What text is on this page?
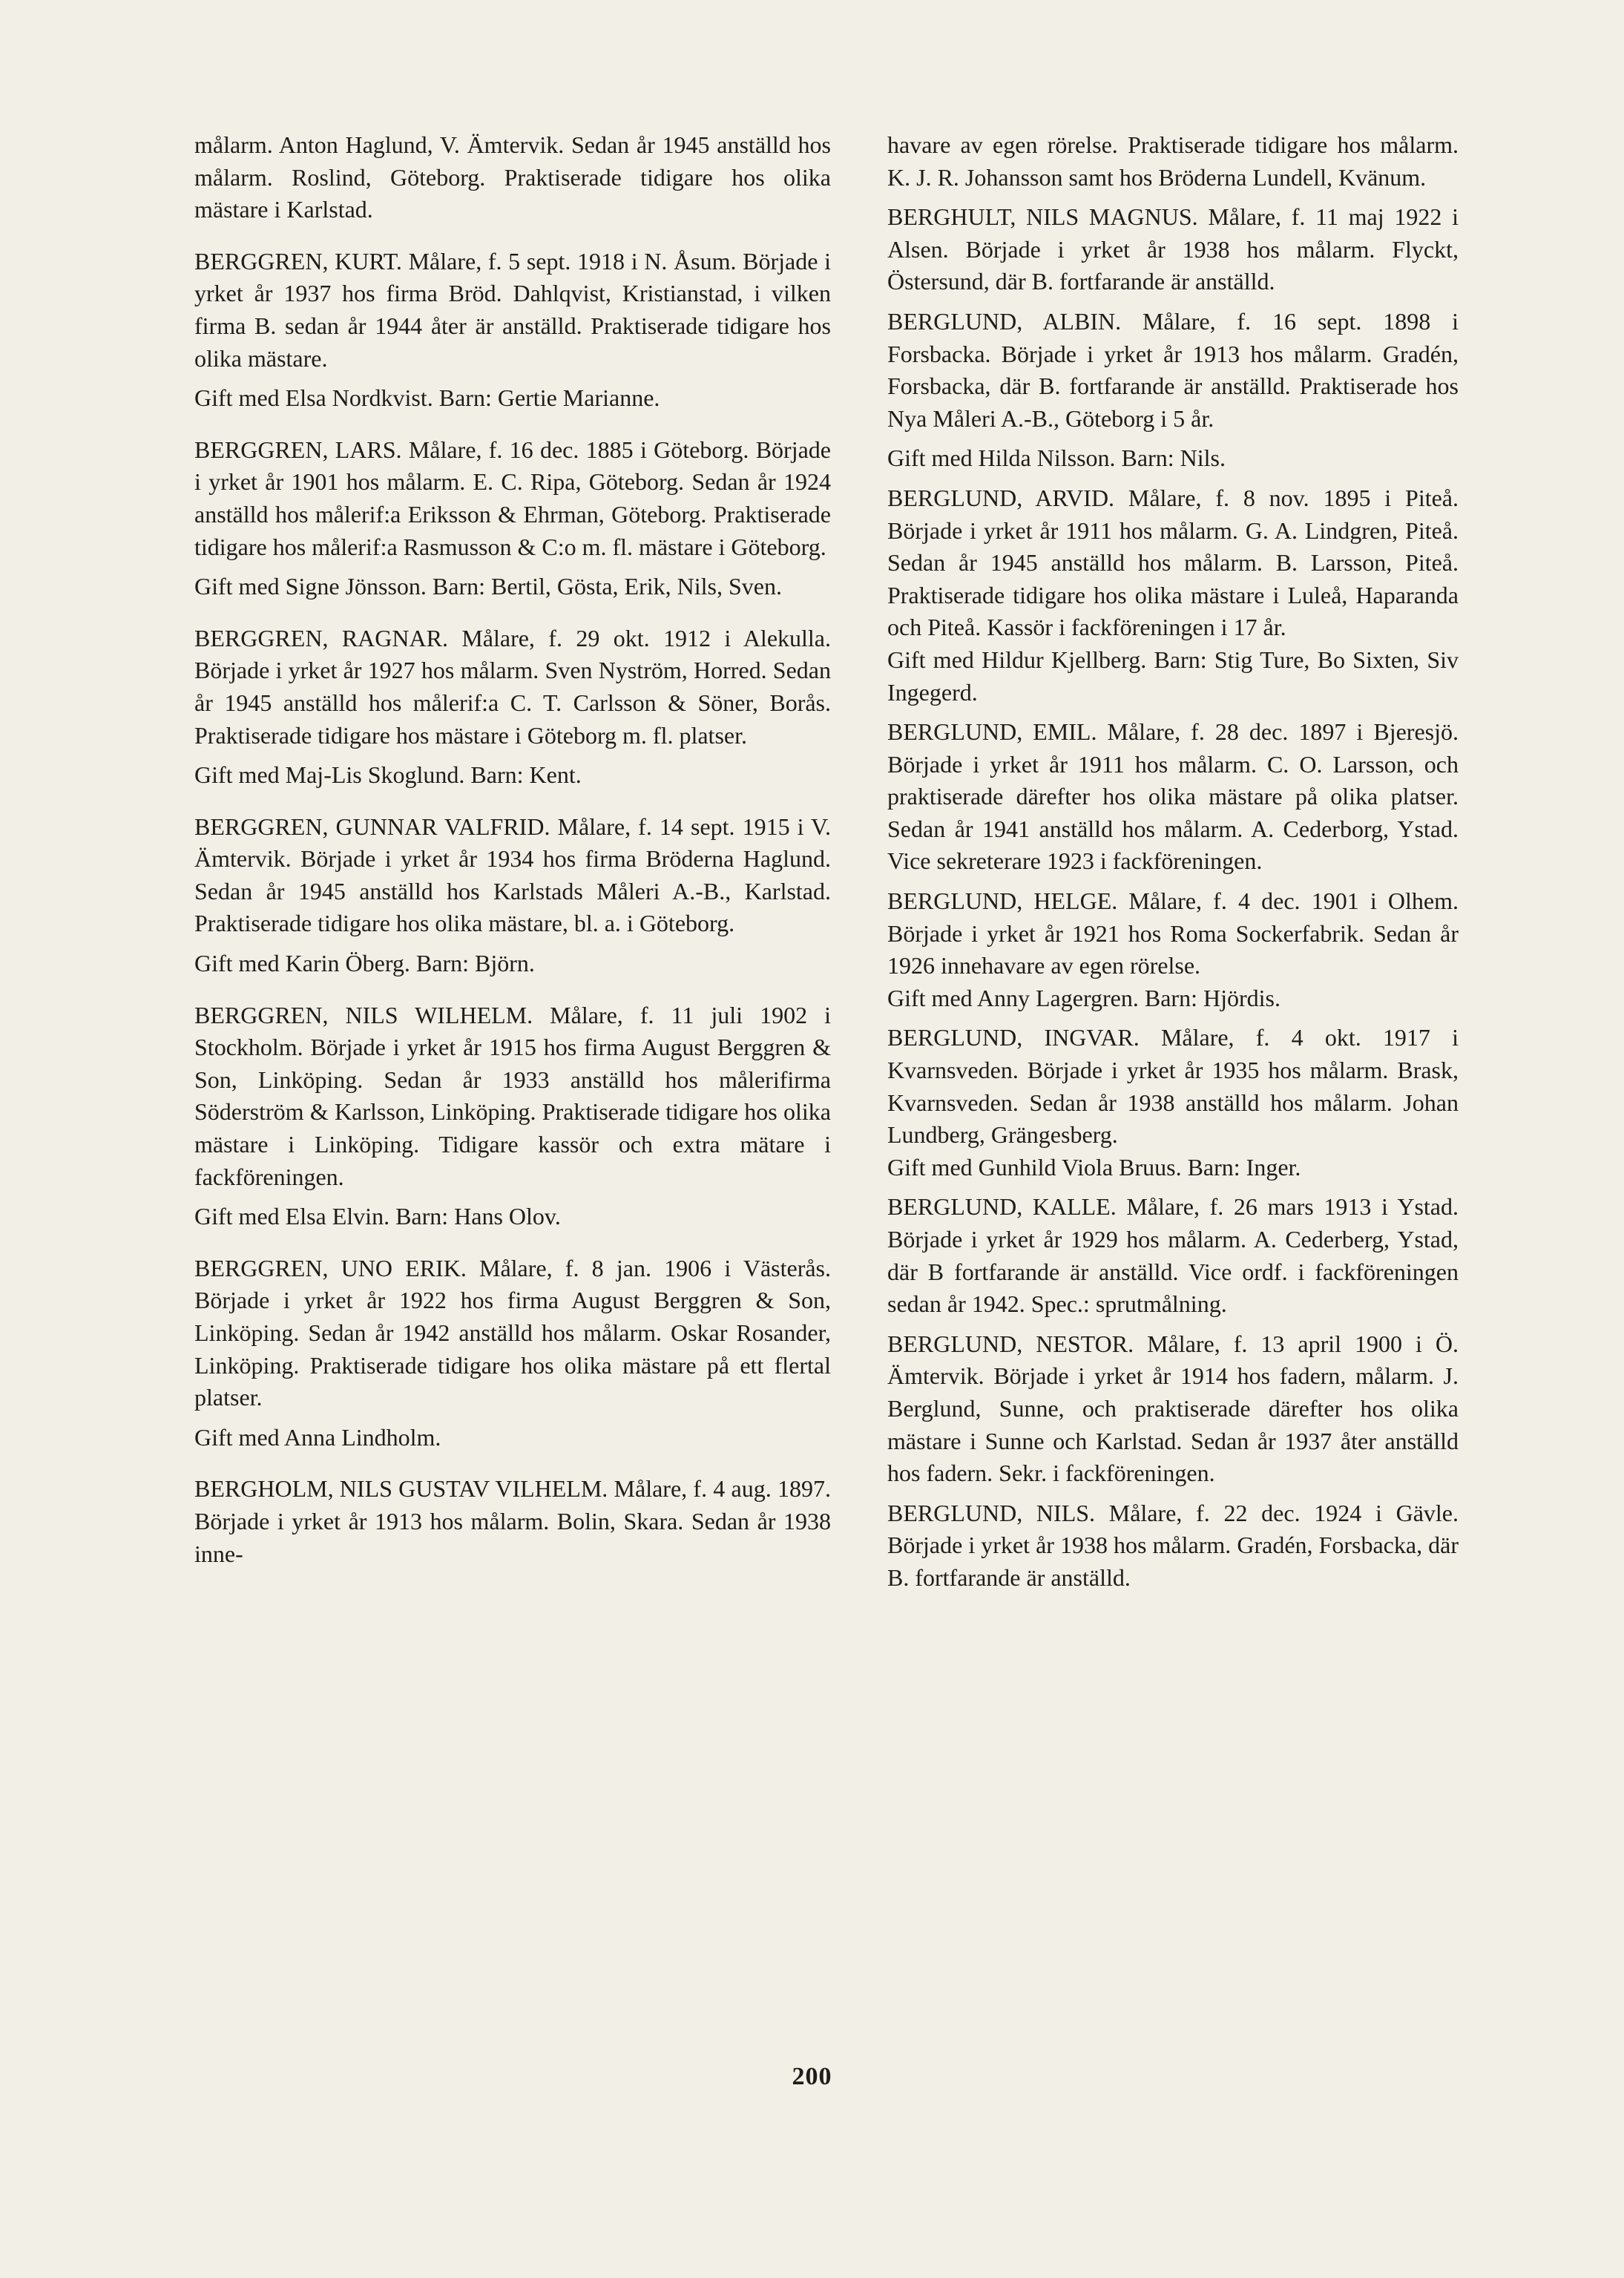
målarm. Anton Haglund, V. Ämtervik. Sedan år 1945 anställd hos målarm. Roslind, Göteborg. Praktiserade tidigare hos olika mästare i Karlstad.

BERGGREN, KURT. Målare, f. 5 sept. 1918 i N. Åsum. Började i yrket år 1937 hos firma Bröd. Dahlqvist, Kristianstad, i vilken firma B. sedan år 1944 åter är anställd. Praktiserade tidigare hos olika mästare.

Gift med Elsa Nordkvist. Barn: Gertie Marianne.

BERGGREN, LARS. Målare, f. 16 dec. 1885 i Göteborg. Började i yrket år 1901 hos målarm. E. C. Ripa, Göteborg. Sedan år 1924 anställd hos målerif:a Eriksson & Ehrman, Göteborg. Praktiserade tidigare hos målerif:a Rasmusson & C:o m. fl. mästare i Göteborg.

Gift med Signe Jönsson. Barn: Bertil, Gösta, Erik, Nils, Sven.

BERGGREN, RAGNAR. Målare, f. 29 okt. 1912 i Alekulla. Började i yrket år 1927 hos målarm. Sven Nyström, Horred. Sedan år 1945 anställd hos målerif:a C. T. Carlsson & Söner, Borås. Praktiserade tidigare hos mästare i Göteborg m. fl. platser.

Gift med Maj-Lis Skoglund. Barn: Kent.

BERGGREN, GUNNAR VALFRID. Målare, f. 14 sept. 1915 i V. Ämtervik. Började i yrket år 1934 hos firma Bröderna Haglund. Sedan år 1945 anställd hos Karlstads Måleri A.-B., Karlstad. Praktiserade tidigare hos olika mästare, bl. a. i Göteborg.

Gift med Karin Öberg. Barn: Björn.

BERGGREN, NILS WILHELM. Målare, f. 11 juli 1902 i Stockholm. Började i yrket år 1915 hos firma August Berggren & Son, Linköping. Sedan år 1933 anställd hos målerifirma Söderström & Karlsson, Linköping. Praktiserade tidigare hos olika mästare i Linköping. Tidigare kassör och extra mätare i fackföreningen.

Gift med Elsa Elvin. Barn: Hans Olov.

BERGGREN, UNO ERIK. Målare, f. 8 jan. 1906 i Västerås. Började i yrket år 1922 hos firma August Berggren & Son, Linköping. Sedan år 1942 anställd hos målarm. Oskar Rosander, Linköping. Praktiserade tidigare hos olika mästare på ett flertal platser.

Gift med Anna Lindholm.

BERGHOLM, NILS GUSTAV VILHELM. Målare, f. 4 aug. 1897. Började i yrket år 1913 hos målarm. Bolin, Skara. Sedan år 1938 inne-

havare av egen rörelse. Praktiserade tidigare hos målarm. K. J. R. Johansson samt hos Bröderna Lundell, Kvänum.

BERGHULT, NILS MAGNUS. Målare, f. 11 maj 1922 i Alsen. Började i yrket år 1938 hos målarm. Flyckt, Östersund, där B. fortfarande är anställd.

BERGLUND, ALBIN. Målare, f. 16 sept. 1898 i Forsbacka. Började i yrket år 1913 hos målarm. Gradén, Forsbacka, där B. fortfarande är anställd. Praktiserade hos Nya Måleri A.-B., Göteborg i 5 år.

Gift med Hilda Nilsson. Barn: Nils.

BERGLUND, ARVID. Målare, f. 8 nov. 1895 i Piteå. Började i yrket år 1911 hos målarm. G. A. Lindgren, Piteå. Sedan år 1945 anställd hos målarm. B. Larsson, Piteå. Praktiserade tidigare hos olika mästare i Luleå, Haparanda och Piteå. Kassör i fackföreningen i 17 år.

Gift med Hildur Kjellberg. Barn: Stig Ture, Bo Sixten, Siv Ingegerd.

BERGLUND, EMIL. Målare, f. 28 dec. 1897 i Bjeresjö. Började i yrket år 1911 hos målarm. C. O. Larsson, och praktiserade därefter hos olika mästare på olika platser. Sedan år 1941 anställd hos målarm. A. Cederborg, Ystad. Vice sekreterare 1923 i fackföreningen.

BERGLUND, HELGE. Målare, f. 4 dec. 1901 i Olhem. Började i yrket år 1921 hos Roma Sockerfabrik. Sedan år 1926 innehavare av egen rörelse.

Gift med Anny Lagergren. Barn: Hjördis.

BERGLUND, INGVAR. Målare, f. 4 okt. 1917 i Kvarnsveden. Började i yrket år 1935 hos målarm. Brask, Kvarnsveden. Sedan år 1938 anställd hos målarm. Johan Lundberg, Grängesberg.

Gift med Gunhild Viola Bruus. Barn: Inger.

BERGLUND, KALLE. Målare, f. 26 mars 1913 i Ystad. Började i yrket år 1929 hos målarm. A. Cederberg, Ystad, där B fortfarande är anställd. Vice ordf. i fackföreningen sedan år 1942. Spec.: sprutmålning.

BERGLUND, NESTOR. Målare, f. 13 april 1900 i Ö. Ämtervik. Började i yrket år 1914 hos fadern, målarm. J. Berglund, Sunne, och praktiserade därefter hos olika mästare i Sunne och Karlstad. Sedan år 1937 åter anställd hos fadern. Sekr. i fackföreningen.

BERGLUND, NILS. Målare, f. 22 dec. 1924 i Gävle. Började i yrket år 1938 hos målarm. Gradén, Forsbacka, där B. fortfarande är anställd.

200
